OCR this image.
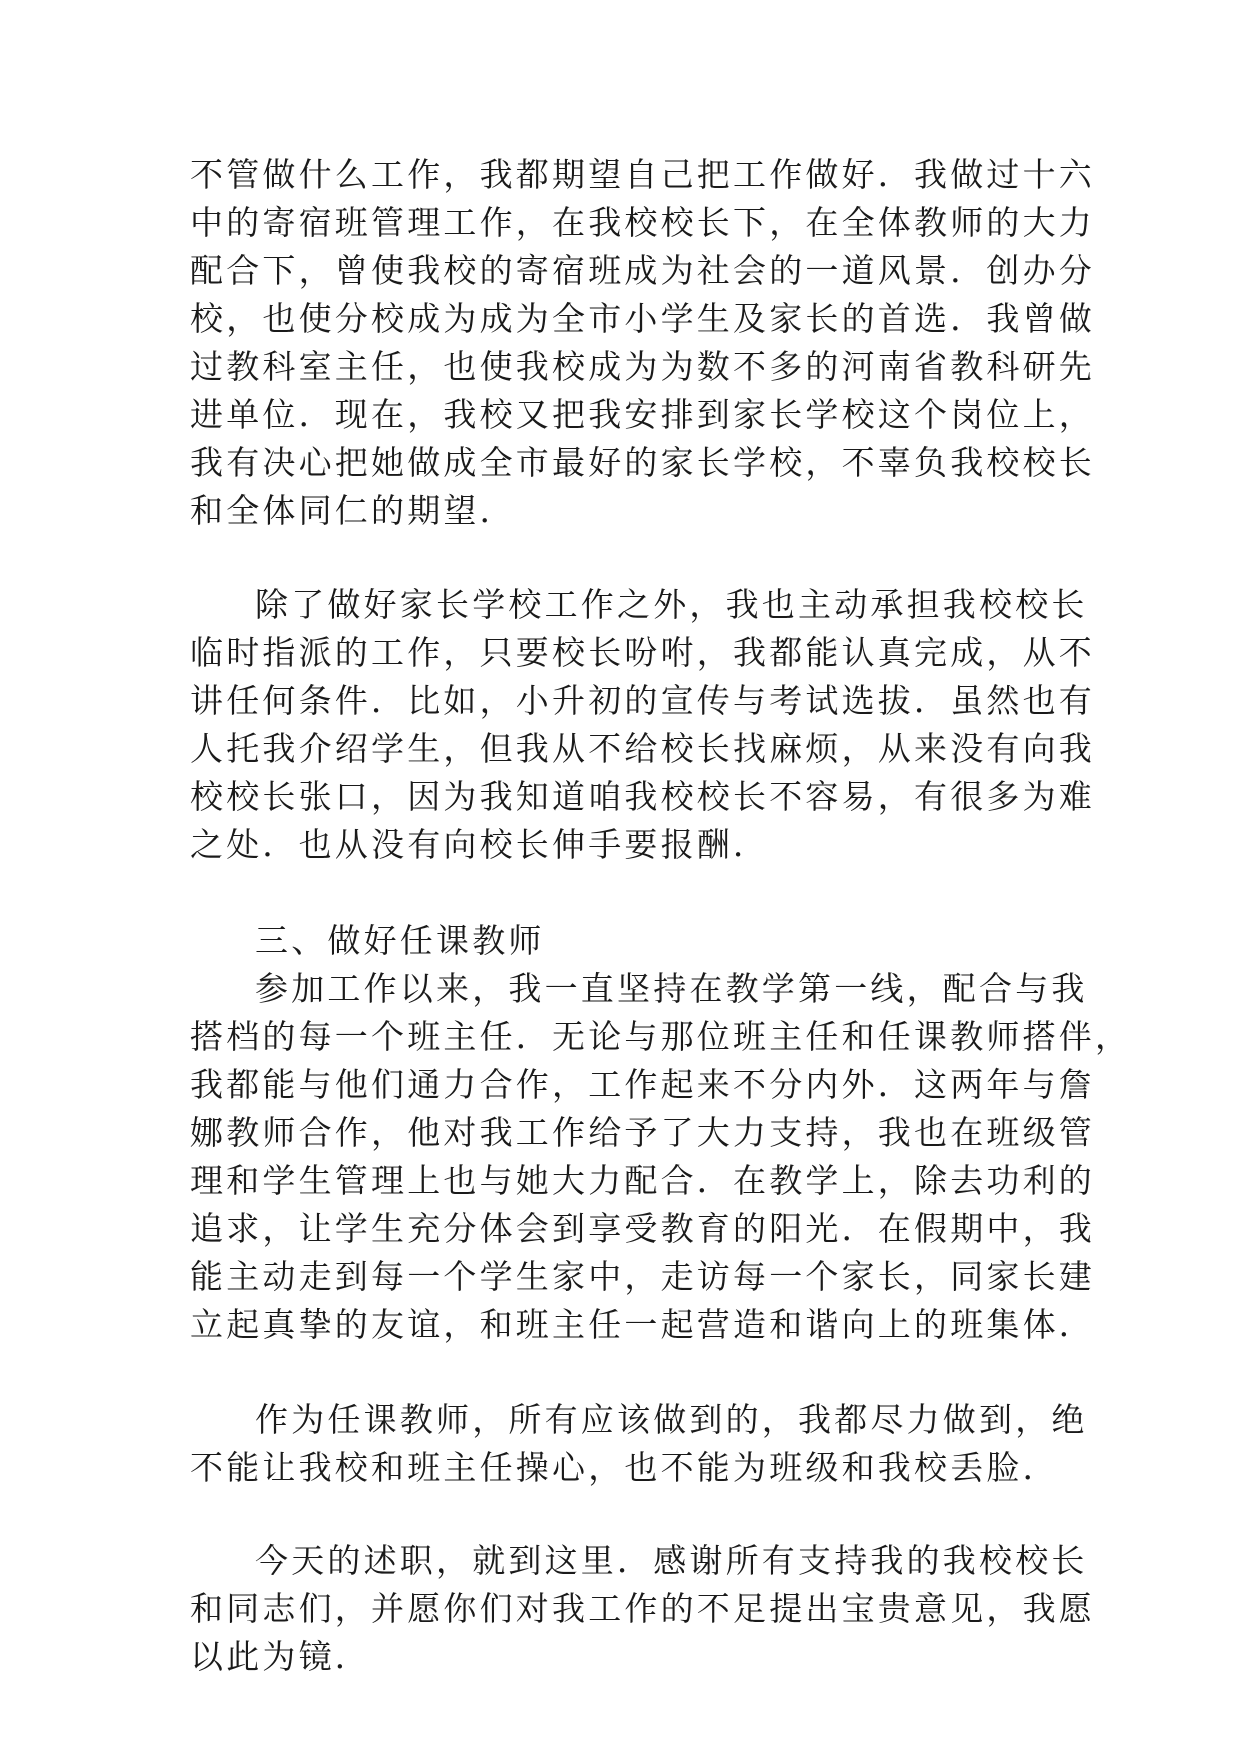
不管做什么工作，我都期望自己把工作做好．我做过十六
中的寄宿班管理工作，在我校校长下，在全体教师的大力
配合下，曾使我校的寄宿班成为社会的一道风景．创办分
校，也使分校成为成为全市小学生及家长的首选．我曾做
过教科室主任，也使我校成为为数不多的河南省教科研先
进单位．现在，我校又把我安排到家长学校这个岗位上，
我有决心把她做成全市最好的家长学校，不辜负我校校长
和全体同仁的期望．
除了做好家长学校工作之外，我也主动承担我校校长
临时指派的工作，只要校长吩咐，我都能认真完成，从不
讲任何条件．比如，小升初的宣传与考试选拔．虽然也有
人托我介绍学生，但我从不给校长找麻烦，从来没有向我
校校长张口，因为我知道咱我校校长不容易，有很多为难
之处．也从没有向校长伸手要报酬．
三、做好任课教师
参加工作以来，我一直坚持在教学第一线，配合与我
搭档的每一个班主任．无论与那位班主任和任课教师搭伴，
我都能与他们通力合作，工作起来不分内外．这两年与詹
娜教师合作，他对我工作给予了大力支持，我也在班级管
理和学生管理上也与她大力配合．在教学上，除去功利的
追求，让学生充分体会到享受教育的阳光．在假期中，我
能主动走到每一个学生家中，走访每一个家长，同家长建
立起真挚的友谊，和班主任一起营造和谐向上的班集体．
作为任课教师，所有应该做到的，我都尽力做到，绝
不能让我校和班主任操心，也不能为班级和我校丢脸．
今天的述职，就到这里．感谢所有支持我的我校校长
和同志们，并愿你们对我工作的不足提出宝贵意见，我愿
以此为镜．
